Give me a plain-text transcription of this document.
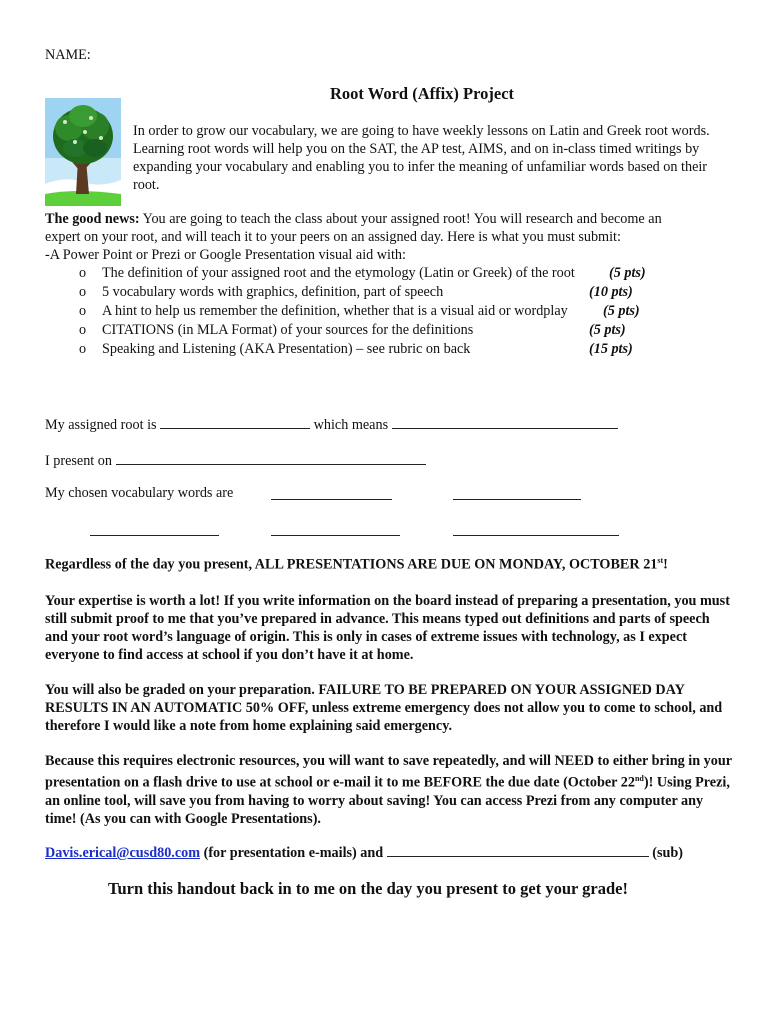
NAME:
Root Word (Affix) Project
In order to grow our vocabulary, we are going to have weekly lessons on Latin and Greek root words. Learning root words will help you on the SAT, the AP test, AIMS, and on in-class timed writings by expanding your vocabulary and enabling you to infer the meaning of unfamiliar words based on their root.
The good news: You are going to teach the class about your assigned root! You will research and become an
expert on your root, and will teach it to your peers on an assigned day. Here is what you must submit:
-A Power Point or Prezi or Google Presentation visual aid with:
o The definition of your assigned root and the etymology (Latin or Greek) of the root (5 pts)
o 5 vocabulary words with graphics, definition, part of speech	(10 pts)
o A hint to help us remember the definition, whether that is a visual aid or wordplay (5 pts)
o CITATIONS (in MLA Format) of your sources for the definitions	(5 pts)
o Speaking and Listening (AKA Presentation) – see rubric on back	(15 pts)
My assigned root is	which means
I present on
My chosen vocabulary words are
Regardless of the day you present, ALL PRESENTATIONS ARE DUE ON MONDAY, OCTOBER 21st!
Your expertise is worth a lot! If you write information on the board instead of preparing a presentation, you must still submit proof to me that you’ve prepared in advance. This means typed out definitions and parts of speech and your root word’s language of origin. This is only in cases of extreme issues with technology, as I expect everyone to find access at school if you don’t have it at home.
You will also be graded on your preparation. FAILURE TO BE PREPARED ON YOUR ASSIGNED DAY RESULTS IN AN AUTOMATIC 50% OFF, unless extreme emergency does not allow you to come to school, and therefore I would like a note from home explaining said emergency.
Because this requires electronic resources, you will want to save repeatedly, and will NEED to either bring in your presentation on a flash drive to use at school or e-mail it to me BEFORE the due date (October 22nd)! Using Prezi, an online tool, will save you from having to worry about saving! You can access Prezi from any computer any time! (As you can with Google Presentations).
Davis.erical@cusd80.com (for presentation e-mails) and	(sub)
Turn this handout back in to me on the day you present to get your grade!
